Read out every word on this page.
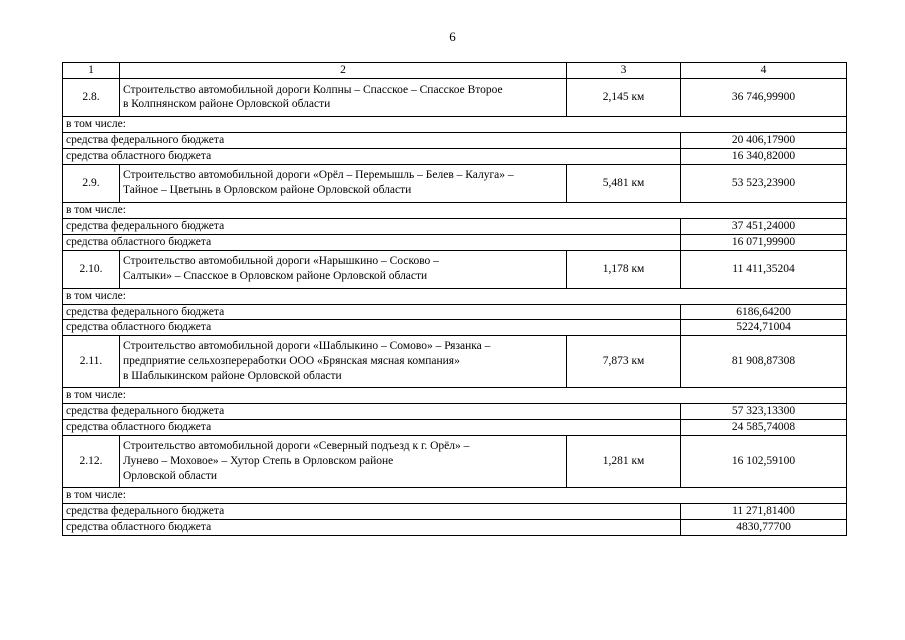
6
1	2	3	4
2.8.	Строительство автомобильной дороги Колпны – Спасское – Спасское Второе
в Колпнянском районе Орловской области	2,145 км	36 746,99900
в том числе:			
средства федерального бюджета			20 406,17900
средства областного бюджета			16 340,82000
2.9.	Строительство автомобильной дороги «Орёл – Перемышль – Белев – Калуга» –
Тайное – Цветынь в Орловском районе Орловской области	5,481 км	53 523,23900
в том числе:			
средства федерального бюджета			37 451,24000
средства областного бюджета			16 071,99900
2.10.	Строительство автомобильной дороги «Нарышкино – Сосково –
Салтыки» – Спасское в Орловском районе Орловской области	1,178 км	11 411,35204
в том числе:			
средства федерального бюджета			6186,64200
средства областного бюджета			5224,71004
2.11.	Строительство автомобильной дороги «Шаблыкино – Сомово» – Рязанка –
предприятие сельхозпереработки ООО «Брянская мясная компания»
в Шаблыкинском районе Орловской области	7,873 км	81 908,87308
в том числе:			
средства федерального бюджета			57 323,13300
средства областного бюджета			24 585,74008
2.12.	Строительство автомобильной дороги «Северный подъезд к г. Орёл» –
Лунево – Моховое» – Хутор Степь в Орловском районе
Орловской области	1,281 км	16 102,59100
в том числе:			
средства федерального бюджета			11 271,81400
средства областного бюджета			4830,77700
